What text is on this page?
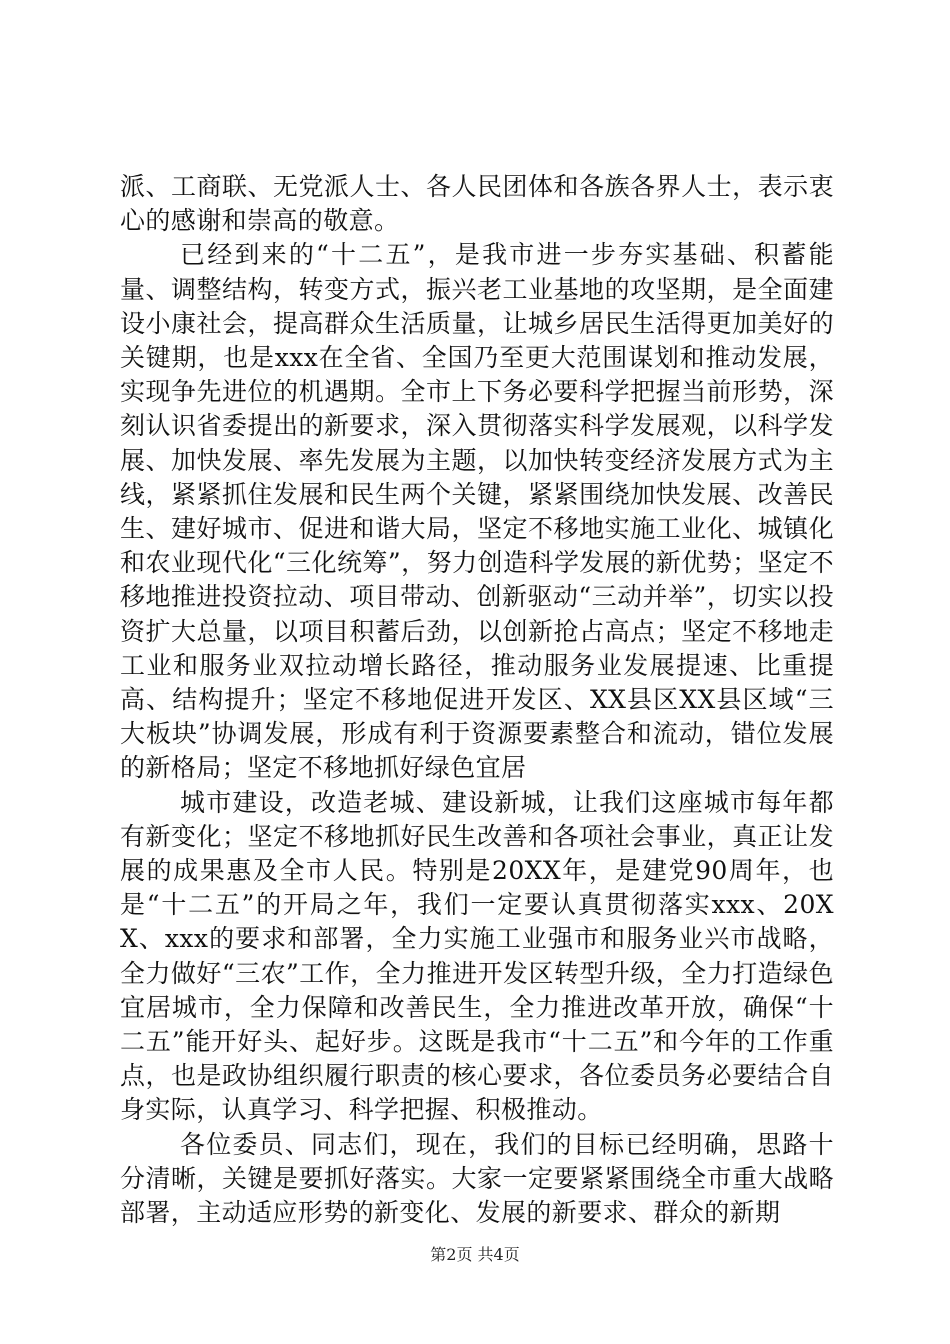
派、工商联、无党派人士、各人民团体和各族各界人士，表示衷心的感谢和崇高的敬意。

已经到来的“十二五”，是我市进一步夯实基础、积蓄能量、调整结构，转变方式，振兴老工业基地的攻坚期，是全面建设小康社会，提高群众生活质量，让城乡居民生活得更加美好的关键期，也是xxx在全省、全国乃至更大范围谋划和推动发展，实现争先进位的机遇期。全市上下务必要科学把握当前形势，深刻认识省委提出的新要求，深入贯彻落实科学发展观，以科学发展、加快发展、率先发展为主题，以加快转变经济发展方式为主线，紧紧抓住发展和民生两个关键，紧紧围绕加快发展、改善民生、建好城市、促进和谐大局，坚定不移地实施工业化、城镇化和农业现代化“三化统筹”，努力创造科学发展的新优势；坚定不移地推进投资拉动、项目带动、创新驱动“三动并举”，切实以投资扩大总量，以项目积蓄后劲，以创新抢占高点；坚定不移地走工业和服务业双拉动增长路径，推动服务业发展提速、比重提高、结构提升；坚定不移地促进开发区、XX县区XX县区域“三大板块”协调发展，形成有利于资源要素整合和流动，错位发展的新格局；坚定不移地抓好绿色宜居

城市建设，改造老城、建设新城，让我们这座城市每年都有新变化；坚定不移地抓好民生改善和各项社会事业，真正让发展的成果惠及全市人民。特别是20XX年，是建党90周年，也是“十二五”的开局之年，我们一定要认真贯彻落实xxx、20XX、xxx的要求和部署，全力实施工业强市和服务业兴市战略，全力做好“三农”工作，全力推进开发区转型升级，全力打造绿色宜居城市，全力保障和改善民生，全力推进改革开放，确保“十二五”能开好头、起好步。这既是我市“十二五”和今年的工作重点，也是政协组织履行职责的核心要求，各位委员务必要结合自身实际，认真学习、科学把握、积极推动。

各位委员、同志们，现在，我们的目标已经明确，思路十分清晰，关键是要抓好落实。大家一定要紧紧围绕全市重大战略部署，主动适应形势的新变化、发展的新要求、群众的新期

第2页 共4页
